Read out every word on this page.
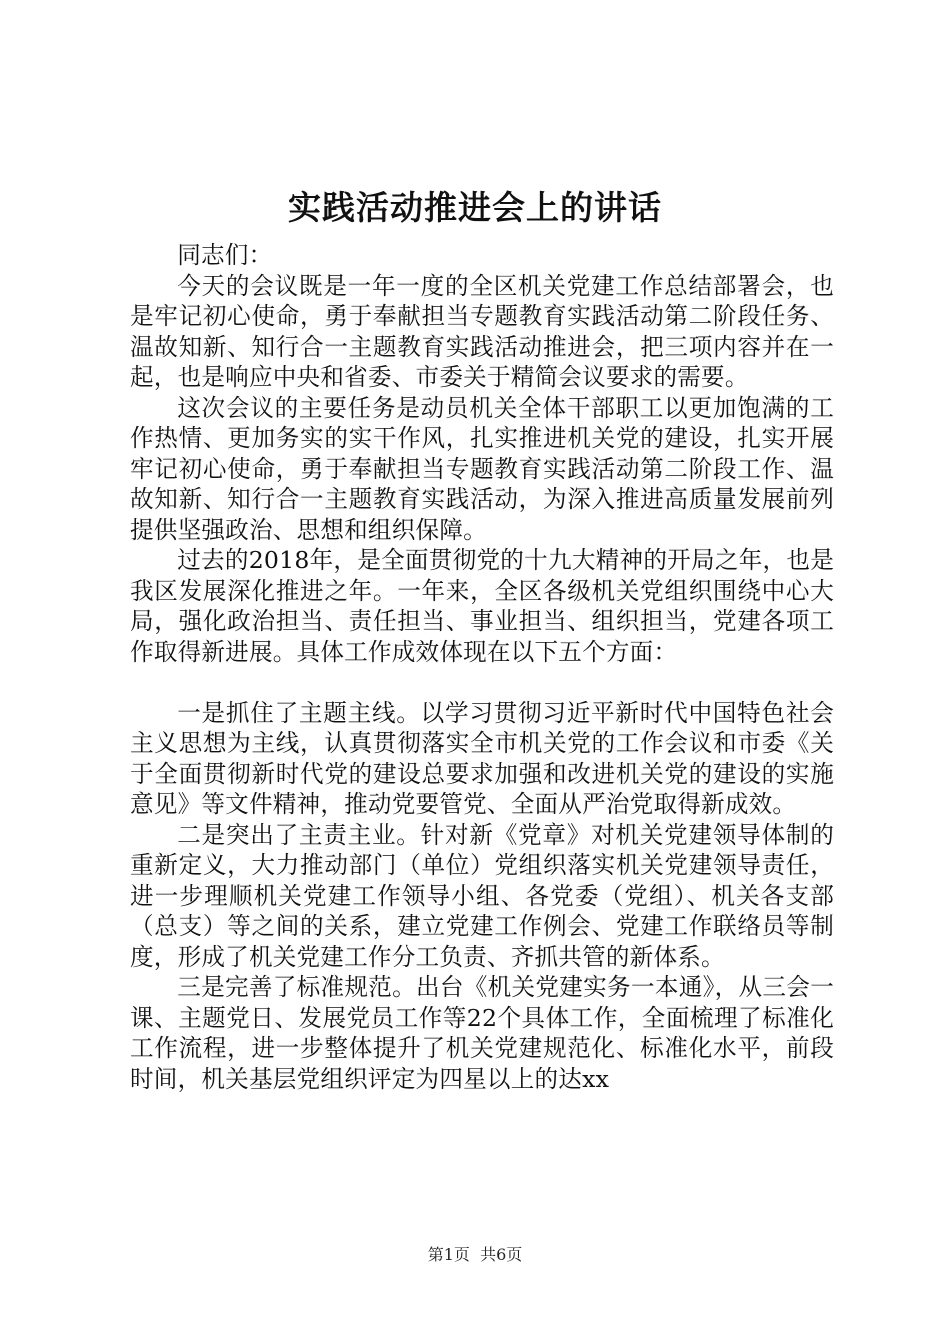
实践活动推进会上的讲话

同志们：

今天的会议既是一年一度的全区机关党建工作总结部署会，也是牢记初心使命，勇于奉献担当专题教育实践活动第二阶段任务、温故知新、知行合一主题教育实践活动推进会，把三项内容并在一起，也是响应中央和省委、市委关于精简会议要求的需要。

这次会议的主要任务是动员机关全体干部职工以更加饱满的工作热情、更加务实的实干作风，扎实推进机关党的建设，扎实开展牢记初心使命，勇于奉献担当专题教育实践活动第二阶段工作、温故知新、知行合一主题教育实践活动，为深入推进高质量发展前列提供坚强政治、思想和组织保障。

过去的2018年，是全面贯彻党的十九大精神的开局之年，也是我区发展深化推进之年。一年来，全区各级机关党组织围绕中心大局，强化政治担当、责任担当、事业担当、组织担当，党建各项工作取得新进展。具体工作成效体现在以下五个方面：

一是抓住了主题主线。以学习贯彻习近平新时代中国特色社会主义思想为主线，认真贯彻落实全市机关党的工作会议和市委《关于全面贯彻新时代党的建设总要求加强和改进机关党的建设的实施意见》等文件精神，推动党要管党、全面从严治党取得新成效。

二是突出了主责主业。针对新《党章》对机关党建领导体制的重新定义，大力推动部门（单位）党组织落实机关党建领导责任，进一步理顺机关党建工作领导小组、各党委（党组）、机关各支部（总支）等之间的关系，建立党建工作例会、党建工作联络员等制度，形成了机关党建工作分工负责、齐抓共管的新体系。

三是完善了标准规范。出台《机关党建实务一本通》，从三会一课、主题党日、发展党员工作等22个具体工作，全面梳理了标准化工作流程，进一步整体提升了机关党建规范化、标准化水平，前段时间，机关基层党组织评定为四星以上的达xx

第1页 共6页
